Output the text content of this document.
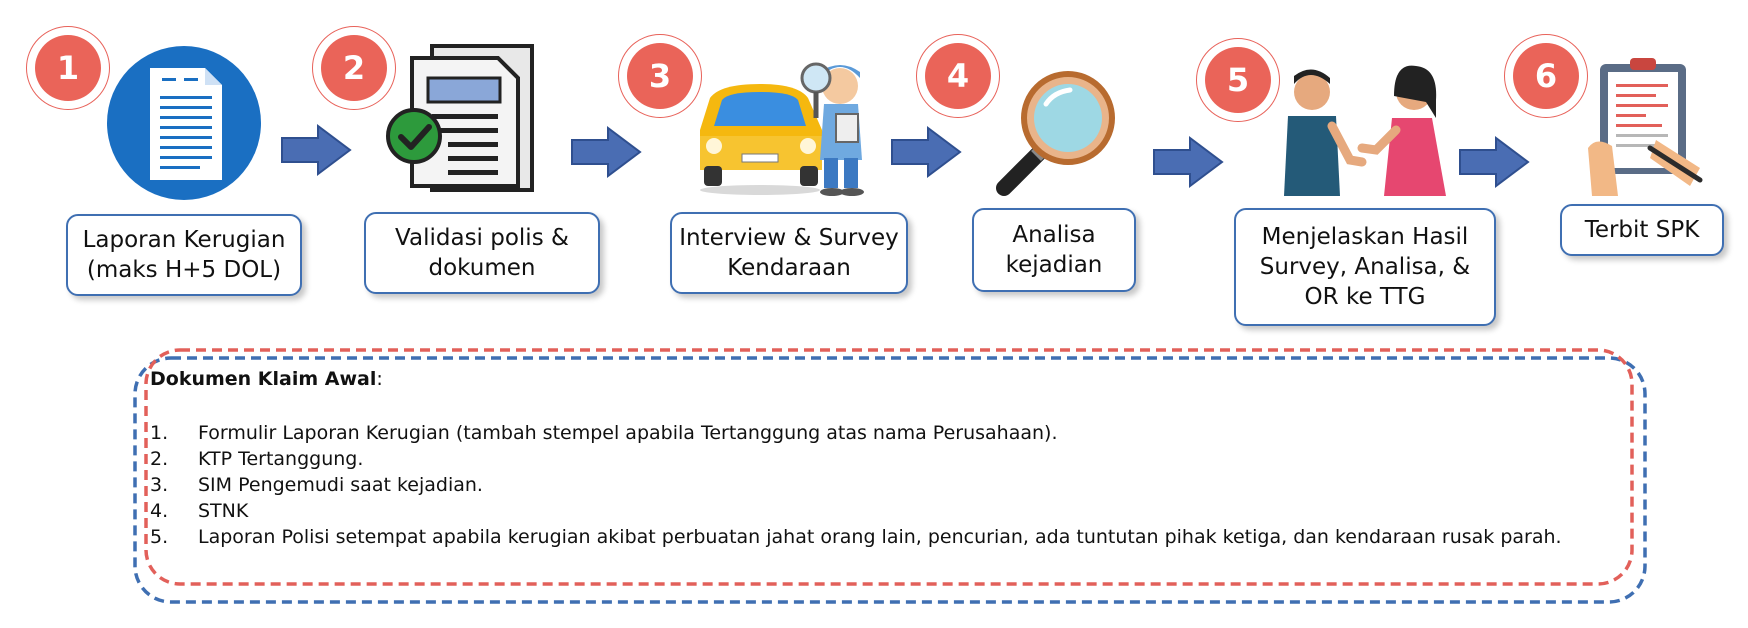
1
Laporan Kerugian
(maks H+5 DOL)
2
Validasi polis &
dokumen
3
Interview & Survey
Kendaraan
4
Analisa
kejadian
5
Menjelaskan Hasil
Survey, Analisa, &
OR ke TTG
6
Terbit SPK
Dokumen Klaim Awal:
1.	Formulir Laporan Kerugian (tambah stempel apabila Tertanggung atas nama Perusahaan).
2.	KTP Tertanggung.
3.	SIM Pengemudi saat kejadian.
4.	STNK
5.	Laporan Polisi setempat apabila kerugian akibat perbuatan jahat orang lain, pencurian, ada tuntutan pihak ketiga, dan kendaraan rusak parah.
